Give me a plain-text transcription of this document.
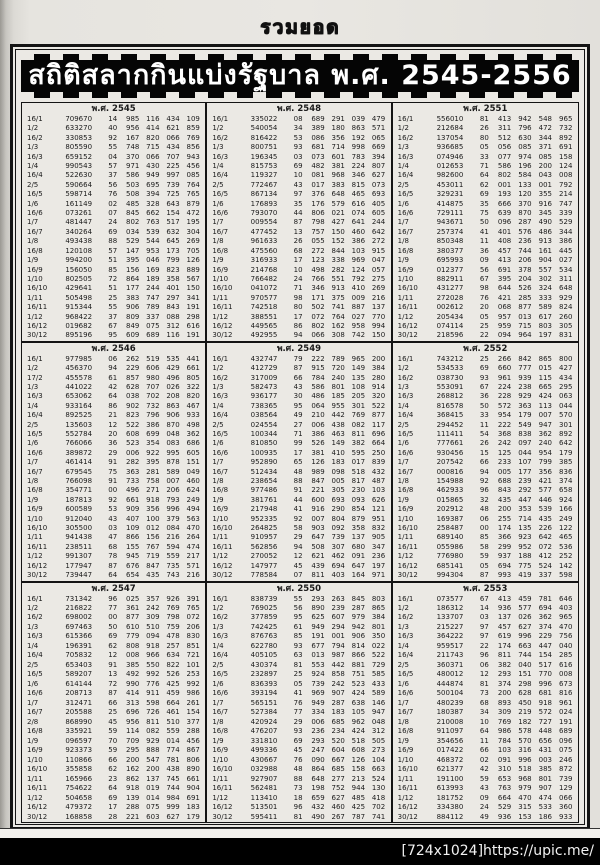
รวมยอด
สถิติสลากกินแบ่งรัฐบาล พ.ศ. 2545-2556
พ.ศ. 2545
16/1	709670	14	985 116 434 109
1/2	633270	40	956 414 621 859
16/2	330853	92	167 820 066 769
1/3	805590	55	748 715 434 856
16/3	659152	04	370 066 707 943
1/4	990543	57	971 430 225 456
16/4	522630	37	586 949 997 085
2/5	590664	56	503 695 739 764
16/5	598714	76	508 394 725 765
1/6	161149	02	485 328 643 879
16/6	073261	07	845 662 154 472
1/7	481447	24	802 763 517 195
16/7	340264	69	034 539 632 304
1/8	493438	88	529 544 645 269
16/8	120108	57	147 953 173 705
1/9	994200	51	395 046 799 126
16/9	156050	85	156 169 823 889
1/10	802505	72	864 189 358 567
16/10	429641	51	177 244 401 150
1/11	505498	25	383 747 297 341
16/11	915344	55	906 789 843 191
1/12	968422	37	809 337 088 298
16/12	019682	67	849 075 312 616
30/12	895196	95	609 689 116 191
พ.ศ. 2548
16/1	335022	08	689 291 039 479
1/2	540054	34	389 180 863 571
16/2	816422	53	086 356 192 065
1/3	800751	93	681 714 998 669
16/3	196345	03	073 601 783 394
1/4	815753	69	482 381 224 807
16/4	119327	10	081 968 346 627
2/5	772467	43	017 383 815 073
16/5	867134	97	376 648 465 693
1/6	176893	35	176 579 616 405
16/6	793070	44	806 021 074 605
1/7	009554	87	798 427 641 244
16/7	477452	13	757 150 460 642
1/8	961633	26	055 152 386 272
16/8	475560	68	272 844 103 915
1/9	316933	17	123 338 969 047
16/9	214768	10	498 282 124 057
1/10	766482	24	766 551 792 275
16/10	041072	71	346 913 410 269
1/11	970577	98	171 375 009 216
16/11	742518	80	502 741 887 137
1/12	388551	17	072 764 027 770
16/12	449565	86	802 162 958 994
30/12	492955	94	066 308 742 150
พ.ศ. 2551
16/1	556010	81	413	942	548	965
1/2	212684	26	311	796	472	732
16/2	137054	80	512	630	344	892
1/3	936685	05	056	085	371	691
16/3	074946	33	077	974	085	158
1/4	012653	71	586	196	200	124
16/4	982600	64	802	584	043	008
2/5	453011	62	001	133	001	792
16/5	329231	69	193	120	355	214
1/6	414875	35	666	370	916	747
16/6	729111	75	639	870	345	339
1/7	943671	50	096	287	490	529
16/7	257374	41	401	576	486	344
1/8	850348	11	408	236	913	386
16/8	380377	36	457	744	161	445
1/9	695993	09	413	206	904	027
16/9	012377	56	691	378	557	534
1/10	882911	67	395	204	302	311
16/10	431277	98	644	526	324	648
1/11	272028	76	421	285	333	929
16/11	002612	20	068	877	589	824
1/12	205434	05	957	013	617	260
16/12	074114	25	959	715	803	305
30/12	218596	22	094	964	197	831
พ.ศ. 2546
16/1	977985	06	262 519 535 441
1/2	456370	94	229 606 429 661
17/2	455578	61	857 980 496 805
1/3	441022	42	628 707 026 322
16/3	653062	64	038 702 208 820
1/4	933164	86	902 732 863 467
16/4	892525	21	823 796 906 933
2/5	135603	12	522 386 870 498
16/5	552784	20	608 699 048 362
1/6	766066	36	523 354 083 686
16/6	389872	29	006 922 995 605
1/7	461414	91	282 395 878 151
16/7	679545	75	363 281 589 049
1/8	766098	91	733 758 007 460
16/8	354771	00	496 271 206 624
1/9	187813	92	661 918 793 249
16/9	600589	53	909 356 996 494
1/10	912040	43	407 100 379 563
16/10	305500	03	109 012 084 470
1/11	941438	47	866 156 216 264
16/11	238511	68	155 767 594 474
1/12	991307	78	945 719 559 217
16/12	177947	87	676 847 735 571
30/12	739447	64	654 435 743 216
พ.ศ. 2549
16/1	432747	79	222 789 965 200
1/2	412729	87	915 720 149 384
16/2	317009	66	784 240 135 280
1/3	582473	43	586 801 108 914
16/3	936177	30	486 185 205 320
1/4	738365	95	064 955 301 522
16/4	038564	49	210 442 769 877
2/5	024554	27	006 438 082 117
16/5	100344	71	386 463 811 696
1/6	810850	99	526 149 382 664
16/6	100935	17	381 410 595 250
1/7	952890	65	126 183 017 839
16/7	512434	48	989 098 518 432
1/8	238654	88	847 005 817 487
16/8	977486	91	221 305 230 103
1/9	381761	44	600 693 093 626
16/9	217948	41	916 290 854 121
1/10	952335	92	007 804 879 951
16/10	264825	58	903 092 358 832
1/11	910957	29	647 739 137 905
16/11	562856	94	508 307 680 347
1/12	270052	12	621 462 091 236
16/12	147977	45	439 694 647 197
30/12	778584	07	811 403 164 971
พ.ศ. 2552
16/1	743212	25	266	842	865	800
1/2	534533	69	660	777	015	427
16/2	038730	93	961	939	115	434
1/3	553091	67	224	238	665	295
16/3	268812	36	228	929	424	063
1/4	816578	50	572	363	113	044
16/4	368415	33	954	179	007	570
2/5	294452	11	222	549	947	301
16/5	111411	54	368	838	362	892
1/6	777661	26	242	097	240	642
16/6	930456	15	125	044	954	179
1/7	207542	66	233	107	799	385
16/7	000816	94	005	177	356	836
1/8	154988	92	688	239	421	374
16/8	462933	96	843	292	577	658
1/9	015865	32	435	447	446	924
16/9	202912	48	200	353	539	166
1/10	169387	06	255	714	435	249
16/10	258487	00	174	135	226	122
1/11	689140	85	366	923	642	465
16/11	055986	58	299	952	072	536
1/12	776980	59	937	188	412	252
16/12	685141	05	694	775	524	142
30/12	994304	87	993	419	337	598
พ.ศ. 2547
16/1	731342	96	025 357 926 391
1/2	216822	77	361 242 769 765
16/2	698002	00	877 309 798 072
1/3	697463	50	610 510 759 206
16/3	615366	69	779 094 478 830
1/4	196391	62	808 918 257 851
16/4	705832	12	008 966 634 721
2/5	653403	91	385 550 822 101
16/5	589207	13	492 992 526 253
1/6	614144	72	990 776 425 992
16/6	208713	87	414 911 459 986
1/7	312471	66	313 598 664 261
16/7	205588	25	696 726 461 154
2/8	868990	45	956 811 510 377
16/8	335921	59	114 082 559 288
1/9	096597	70	709 929 014 456
16/9	923373	59	295 888 774 867
1/10	110866	66	200 547 781 806
16/10	355858	62	162 200 438 890
1/11	165966	23	862 137 745 661
16/11	754622	64	918 019 744 904
1/12	504658	69	139 014 984 691
16/12	479372	17	288 075 999 183
30/12	168858	28	221 603 627 179
พ.ศ. 2550
16/1	838739	55	293 263 845 803
1/2	769025	56	890 239 287 865
16/2	377859	95	625 607 979 384
1/3	742425	61	949 294 942 801
16/3	876763	85	191 001 906 350
1/4	622780	93	677 794 814 022
16/4	405105	63	013 987 866 522
2/5	430374	81	553 442 881 729
16/5	232897	25	924 858 751 585
1/6	836393	05	739 242 523 433
16/6	393194	41	969 907 424 589
1/7	565151	76	949 287 638 146
16/7	527384	77	334 183 105 947
1/8	420924	29	006 685 962 048
16/8	476207	93	236 234 424 312
1/9	331810	69	293 520 518 505
16/9	499336	45	247 604 608 273
1/10	430667	76	090 667 126 104
16/10	032988	48	864 685 158 663
1/11	927907	88	648 277 213 524
16/11	562481	73	198 752 944 130
1/12	113410	18	659 627 485 418
16/12	513501	96	432 460 425 702
30/12	595411	81	490 267 787 741
พ.ศ. 2553
16/1	073577	67	413	459	781	646
1/2	186312	14	936	577	694	403
16/2	133707	03	137	026	362	965
1/3	215227	97	457	627	374	470
16/3	364222	97	619	996	229	756
1/4	959517	22	174	663	447	040
16/4	211743	96	811	744	154	285
2/5	360371	06	382	040	517	616
16/5	480012	12	293	151	770	008
1/6	444874	81	374	298	996	673
16/6	500104	73	200	628	681	816
1/7	480239	68	893	450	918	961
16/7	180387	34	309	219	572	024
1/8	210008	10	769	182	727	191
16/8	911097	64	986	578	448	689
1/9	354656	11	784	570	656	096
16/9	017422	66	103	316	431	075
1/10	468372	02	091	996	003	246
16/10	621377	42	310	518	385	872
1/11	191100	59	653	968	801	739
16/11	613993	43	763	979	907	129
1/12	181752	09	664	470	474	066
16/12	334380	24	529	315	533	360
30/12	884112	49	936	153	186	933
[724x1024]https://upic.me/
